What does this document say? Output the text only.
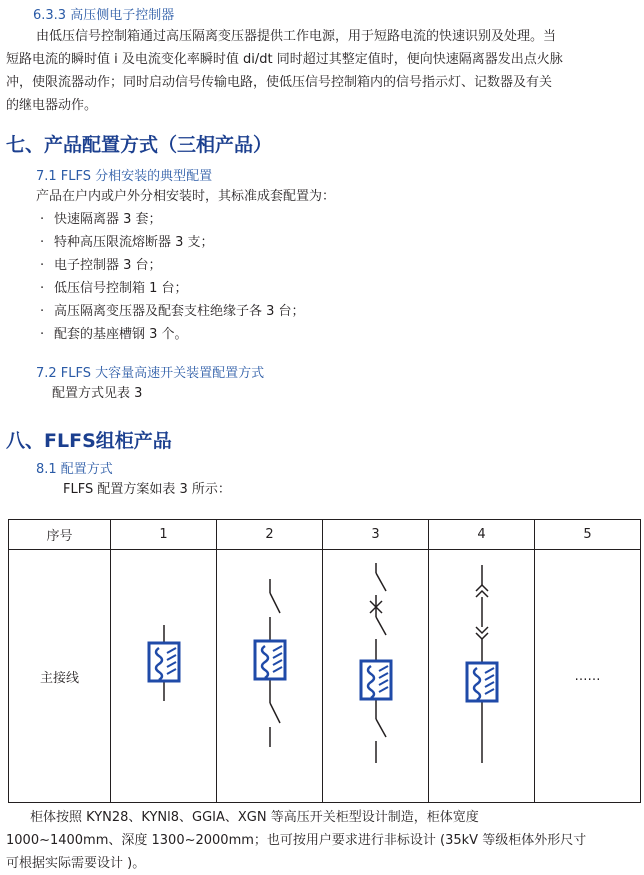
6.3.3 高压侧电子控制器
由低压信号控制箱通过高压隔离变压器提供工作电源，用于短路电流的快速识别及处理。当
短路电流的瞬时值 i 及电流变化率瞬时值 di/dt 同时超过其整定值时，便向快速隔离器发出点火脉
冲，使限流器动作；同时启动信号传输电路，使低压信号控制箱内的信号指示灯、记数器及有关
的继电器动作。
七、产品配置方式（三相产品）
7.1 FLFS 分相安装的典型配置
产品在户内或户外分相安装时，其标准成套配置为：
· 快速隔离器 3 套；
· 特种高压限流熔断器 3 支；
· 电子控制器 3 台；
· 低压信号控制箱 1 台；
· 高压隔离变压器及配套支柱绝缘子各 3 台；
· 配套的基座槽钢 3 个。
7.2 FLFS 大容量高速开关装置配置方式
配置方式见表 3
八、FLFS组柜产品
8.1 配置方式
FLFS 配置方案如表 3 所示：
序号	1	2	3	4	5
主接线					……
柜体按照 KYN28、KYNl8、GGIA、XGN 等高压开关柜型设计制造，柜体宽度
1000~1400mm、深度 1300~2000mm；也可按用户要求进行非标设计 (35kV 等级柜体外形尺寸
可根据实际需要设计 )。
